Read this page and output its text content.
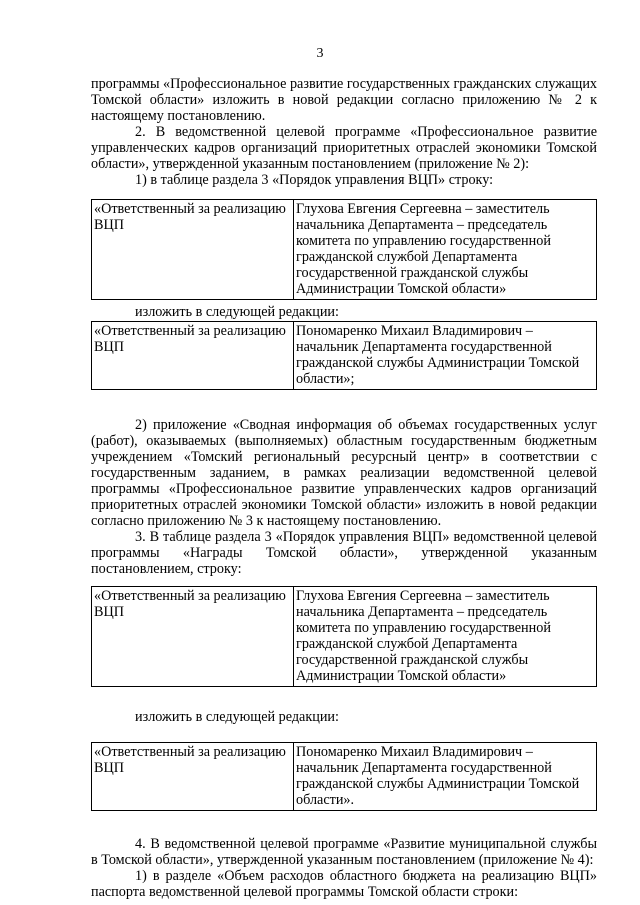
3

программы «Профессиональное развитие государственных гражданских служащих Томской области» изложить в новой редакции согласно приложению № 2 к настоящему постановлению.

2. В ведомственной целевой программе «Профессиональное развитие управленческих кадров организаций приоритетных отраслей экономики Томской области», утвержденной указанным постановлением (приложение № 2):

1) в таблице раздела 3 «Порядок управления ВЦП» строку:

«Ответственный за реализацию ВЦП	Глухова Евгения Сергеевна – заместитель начальника Департамента – председатель комитета по управлению государственной гражданской службой Департамента государственной гражданской службы Администрации Томской области»

изложить в следующей редакции:

«Ответственный за реализацию ВЦП	Пономаренко Михаил Владимирович – начальник Департамента государственной гражданской службы Администрации Томской области»;

2) приложение «Сводная информация об объемах государственных услуг (работ), оказываемых (выполняемых) областным государственным бюджетным учреждением «Томский региональный ресурсный центр» в соответствии с государственным заданием, в рамках реализации ведомственной целевой программы «Профессиональное развитие управленческих кадров организаций приоритетных отраслей экономики Томской области» изложить в новой редакции согласно приложению № 3 к настоящему постановлению.

3. В таблице раздела 3 «Порядок управления ВЦП» ведомственной целевой программы «Награды Томской области», утвержденной указанным постановлением, строку:

«Ответственный за реализацию ВЦП	Глухова Евгения Сергеевна – заместитель начальника Департамента – председатель комитета по управлению государственной гражданской службой Департамента государственной гражданской службы Администрации Томской области»

изложить в следующей редакции:

«Ответственный за реализацию ВЦП	Пономаренко Михаил Владимирович – начальник Департамента государственной гражданской службы Администрации Томской области».

4. В ведомственной целевой программе «Развитие муниципальной службы в Томской области», утвержденной указанным постановлением (приложение № 4):

1) в разделе «Объем расходов областного бюджета на реализацию ВЦП» паспорта ведомственной целевой программы Томской области строки:
